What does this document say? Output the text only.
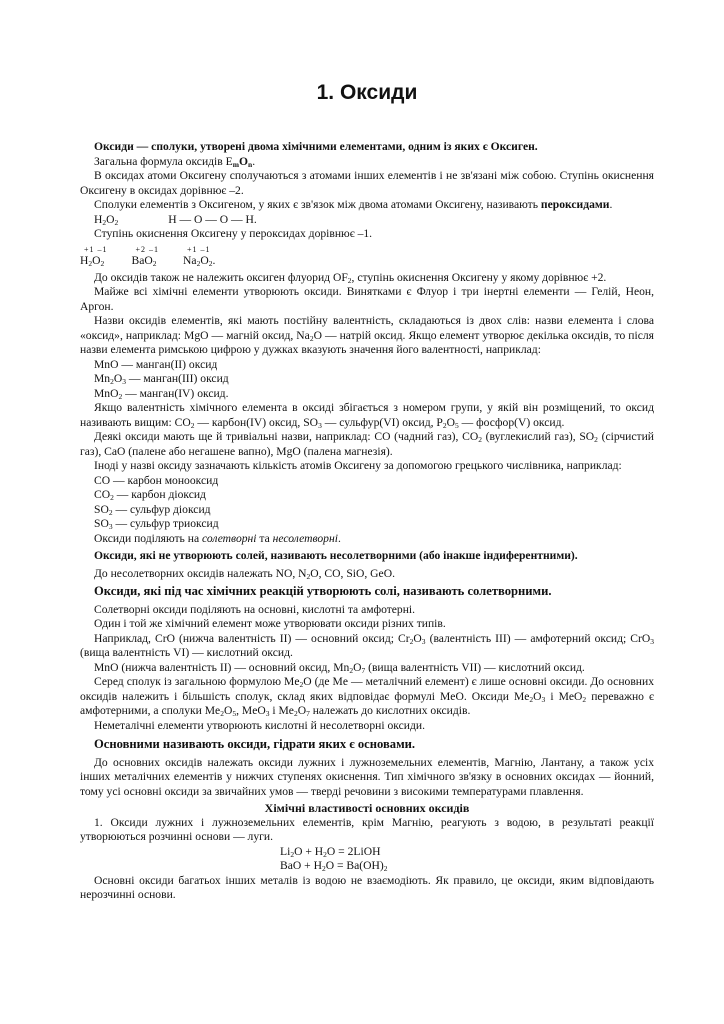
1. Оксиди

Оксиди — сполуки, утворені двома хімічними елементами, одним із яких є Оксиген.

Загальна формула оксидів $E_mO_n$.

В оксидах атоми Оксигену сполучаються з атомами інших елементів і не зв'язані між собою. Ступінь окиснення Оксигену в оксидах дорівнює –2.

Сполуки елементів з Оксигеном, у яких є зв'язок між двома атомами Оксигену, називають пероксидами.

$H_2O_2$	H — O — O — H.

Ступінь окиснення Оксигену у пероксидах дорівнює –1.

+1 –1
$H_2O_2$
+2 –1
BaO$_2$
+1 –1
$Na_2O_2$.

До оксидів також не належить оксиген флуорид $OF_2$, ступінь окиснення Оксигену у якому дорівнює +2.

Майже всі хімічні елементи утворюють оксиди. Винятками є Флуор і три інертні елементи — Гелій, Неон, Аргон.

Назви оксидів елементів, які мають постійну валентність, складаються із двох слів: назви елемента і слова «оксид», наприклад: MgO — магній оксид, $Na_2O$ — натрій оксид. Якщо елемент утворює декілька оксидів, то після назви елемента римською цифрою у дужках вказують значення його валентності, наприклад:

MnO — манган(II) оксид

$Mn_2O_3$ — манган(III) оксид

MnO$_2$ — манган(IV) оксид.

Якщо валентність хімічного елемента в оксиді збігається з номером групи, у якій він розміщений, то оксид називають вищим: $CO_2$ — карбон(IV) оксид, $SO_3$ — сульфур(VI) оксид, $P_2O_5$ — фосфор(V) оксид.

Деякі оксиди мають ще й тривіальні назви, наприклад: CO (чадний газ), $CO_2$ (вуглекислий газ), $SO_2$ (сірчистий газ), CaO (палене або негашене вапно), MgO (палена магнезія).

Іноді у назві оксиду зазначають кількість атомів Оксигену за допомогою грецького числівника, наприклад:

CO — карбон монооксид

$CO_2$ — карбон діоксид

$SO_2$ — сульфур діоксид

$SO_3$ — сульфур триоксид

Оксиди поділяють на солетворні та несолетворні.

Оксиди, які не утворюють солей, називають несолетворними (або інакше індиферентними).

До несолетворних оксидів належать NO, $N_2O$, CO, SiO, GeO.

Оксиди, які під час хімічних реакцій утворюють солі, називають солетворними.

Солетворні оксиди поділяють на основні, кислотні та амфотерні.

Один і той же хімічний елемент може утворювати оксиди різних типів.

Наприклад, CrO (нижча валентність II) — основний оксид; $Cr_2O_3$ (валентність III) — амфотерний оксид; CrO$_3$ (вища валентність VI) — кислотний оксид.

MnO (нижча валентність II) — основний оксид, $Mn_2O_7$ (вища валентність VII) — кислотний оксид.

Серед сполук із загальною формулою $Me_2O$ (де Me — металічний елемент) є лише основні оксиди. До основних оксидів належить і більшість сполук, склад яких відповідає формулі MeO. Оксиди $Me_2O_3$ і MeO$_2$ переважно є амфотерними, а сполуки $Me_2O_5$, MeO$_3$ і $Me_2O_7$ належать до кислотних оксидів.

Неметалічні елементи утворюють кислотні й несолетворні оксиди.

Основними називають оксиди, гідрати яких є основами.

До основних оксидів належать оксиди лужних і лужноземельних елементів, Магнію, Лантану, а також усіх інших металічних елементів у нижчих ступенях окиснення. Тип хімічного зв'язку в основних оксидах — йонний, тому усі основні оксиди за звичайних умов — тверді речовини з високими температурами плавлення.

Хімічні властивості основних оксидів

1. Оксиди лужних і лужноземельних елементів, крім Магнію, реагують з водою, в результаті реакції утворюються розчинні основи — луги.

$Li_2O + H_2O$ = 2LiOH

BaO + $H_2O = Ba(OH)_2$

Основні оксиди багатьох інших металів із водою не взаємодіють. Як правило, це оксиди, яким відповідають нерозчинні основи.
